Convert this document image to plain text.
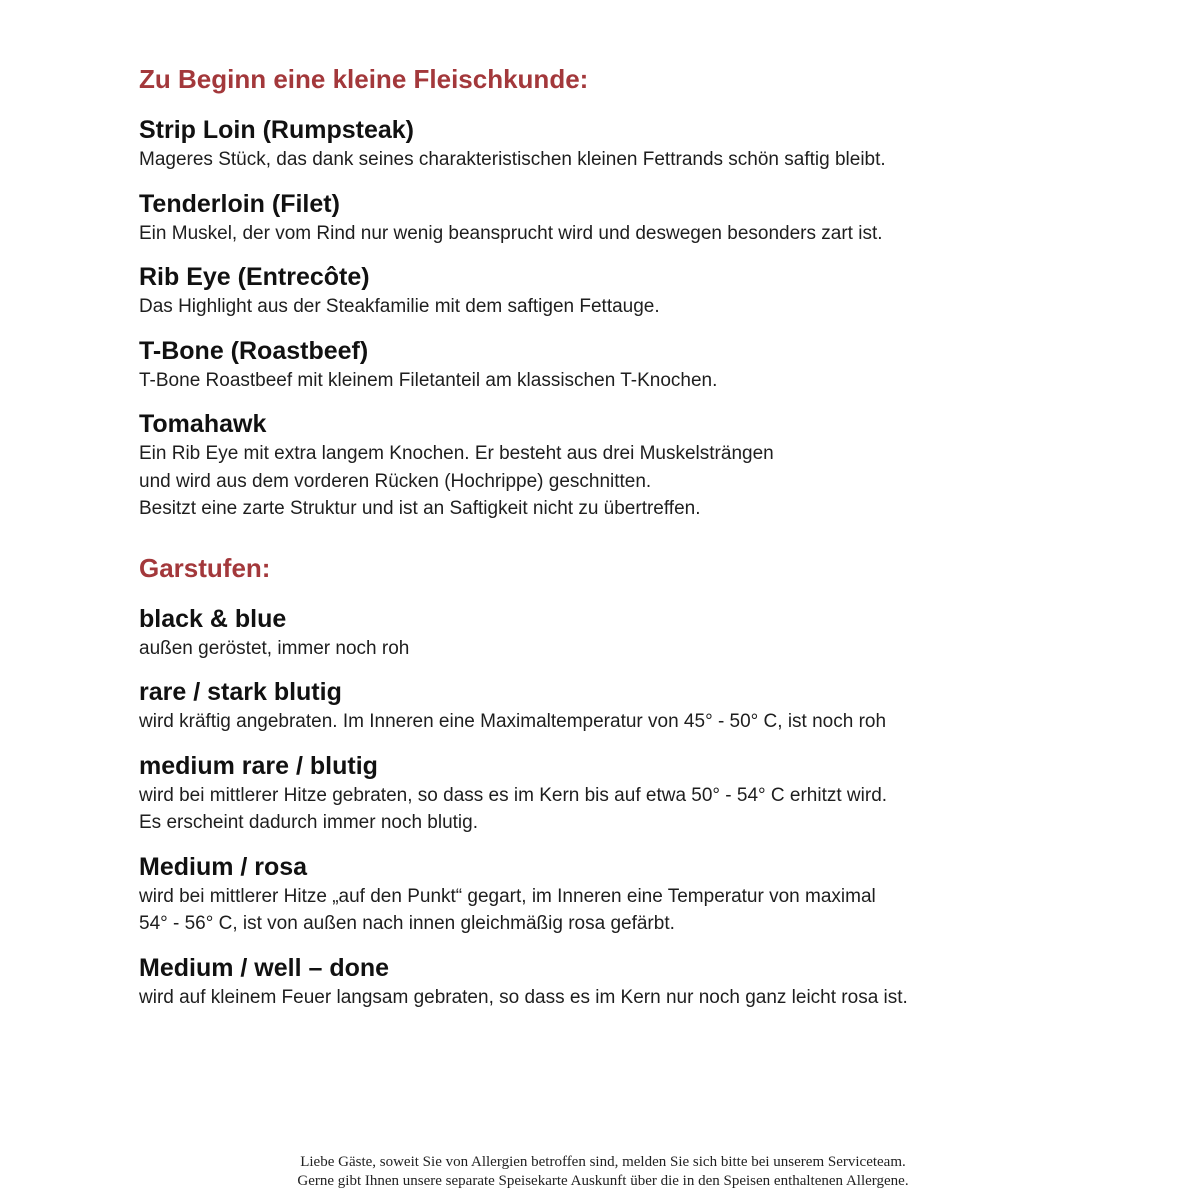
Zu Beginn eine kleine Fleischkunde:
Strip Loin (Rumpsteak)

Mageres Stück, das dank seines charakteristischen kleinen Fettrands schön saftig bleibt.

Tenderloin (Filet)

Ein Muskel, der vom Rind nur wenig beansprucht wird und deswegen besonders zart ist.

Rib Eye (Entrecôte)

Das Highlight aus der Steakfamilie mit dem saftigen Fettauge.

T-Bone (Roastbeef)

T-Bone Roastbeef mit kleinem Filetanteil am klassischen T-Knochen.

Tomahawk

Ein Rib Eye mit extra langem Knochen. Er besteht aus drei Muskelsträngen
und wird aus dem vorderen Rücken (Hochrippe) geschnitten.
Besitzt eine zarte Struktur und ist an Saftigkeit nicht zu übertreffen.

Garstufen:
black & blue

außen geröstet, immer noch roh

rare / stark blutig

wird kräftig angebraten. Im Inneren eine Maximaltemperatur von 45° - 50° C, ist noch roh

medium rare / blutig

wird bei mittlerer Hitze gebraten, so dass es im Kern bis auf etwa 50° - 54° C erhitzt wird.
Es erscheint dadurch immer noch blutig.

Medium / rosa

wird bei mittlerer Hitze „auf den Punkt“ gegart, im Inneren eine Temperatur von maximal
54° - 56° C, ist von außen nach innen gleichmäßig rosa gefärbt.

Medium / well – done

wird auf kleinem Feuer langsam gebraten, so dass es im Kern nur noch ganz leicht rosa ist.

Liebe Gäste, soweit Sie von Allergien betroffen sind, melden Sie sich bitte bei unserem Serviceteam.
Gerne gibt Ihnen unsere separate Speisekarte Auskunft über die in den Speisen enthaltenen Allergene.
